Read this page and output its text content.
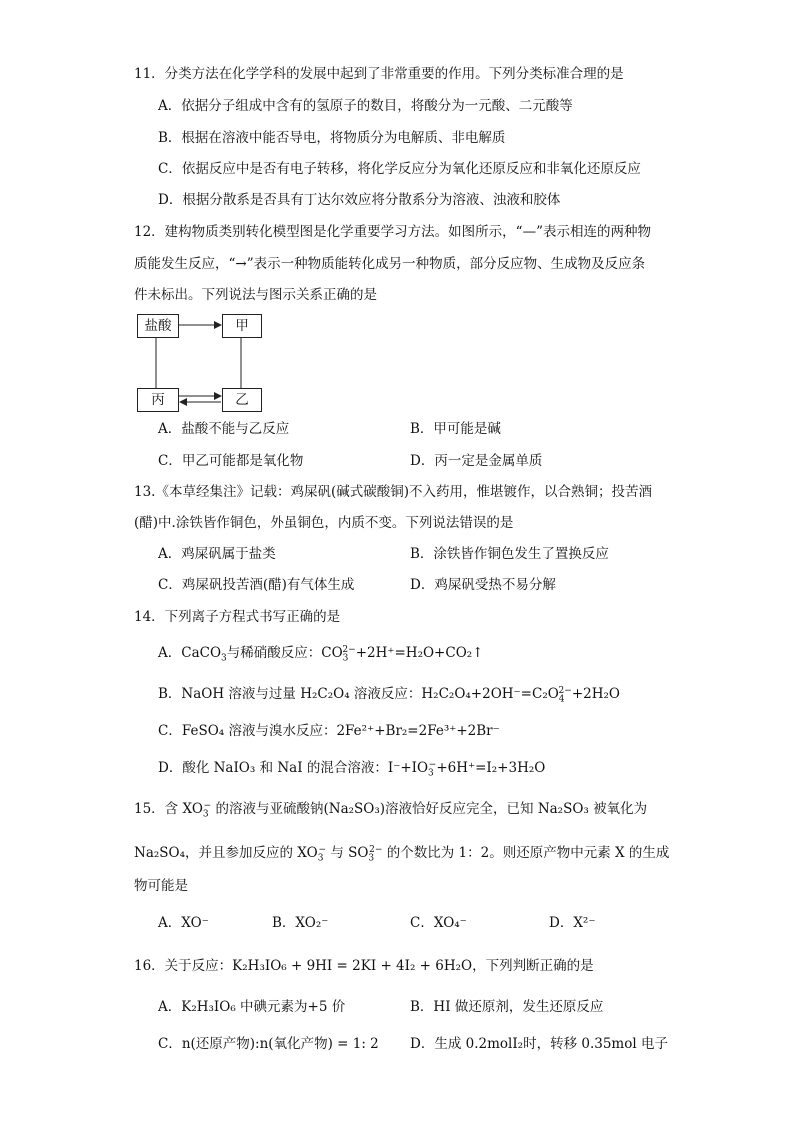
11．分类方法在化学学科的发展中起到了非常重要的作用。下列分类标准合理的是
A．依据分子组成中含有的氢原子的数目，将酸分为一元酸、二元酸等
B．根据在溶液中能否导电，将物质分为电解质、非电解质
C．依据反应中是否有电子转移，将化学反应分为氧化还原反应和非氧化还原反应
D．根据分散系是否具有丁达尔效应将分散系分为溶液、浊液和胶体
12．建构物质类别转化模型图是化学重要学习方法。如图所示，“—”表示相连的两种物
质能发生反应，“→”表示一种物质能转化成另一种物质，部分反应物、生成物及反应条
件未标出。下列说法与图示关系正确的是
盐酸	甲
丙	乙
A．盐酸不能与乙反应	B．甲可能是碱
C．甲乙可能都是氧化物	D．丙一定是金属单质
13.《本草经集注》记载：鸡屎矾(碱式碳酸铜)不入药用，惟堪镀作，以合熟铜；投苦酒
(醋)中.涂铁皆作铜色，外虽铜色，内质不变。下列说法错误的是
A．鸡屎矾属于盐类	B．涂铁皆作铜色发生了置换反应
C．鸡屎矾投苦酒(醋)有气体生成	D．鸡屎矾受热不易分解
14．下列离子方程式书写正确的是
A．CaCO$_3$与稀硝酸反应：$CO_3^{2-}+2H^+=H_2O+CO_2↑$
B．NaOH 溶液与过量 H₂C₂O₄ 溶液反应：$H_2C_2O_4+2OH^-=C_2O_4^{2-}+2H_2O$
C．FeSO₄ 溶液与溴水反应：2Fe²⁺+Br₂=2Fe³⁺+2Br⁻
D．酸化 NaIO₃ 和 NaI 的混合溶液：$I^-+IO_3^-+6H^+=I_2+3H_2O$
15．含 $XO_3^-$ 的溶液与亚硫酸钠(Na₂SO₃)溶液恰好反应完全，已知 Na₂SO₃ 被氧化为
Na₂SO₄，并且参加反应的 $XO_3^-$ 与 $SO_3^{2-}$ 的个数比为 1：2。则还原产物中元素 X 的生成
物可能是
A．XO⁻	B．XO₂⁻	C．XO₄⁻	D．X²⁻
16．关于反应：K₂H₃IO₆ + 9HI = 2KI + 4I₂ + 6H₂O，下列判断正确的是
A．K₂H₃IO₆ 中碘元素为+5 价	B．HI 做还原剂，发生还原反应
C．n(还原产物):n(氧化产物) = 1: 2 D．生成 0.2molI₂时，转移 0.35mol 电子
